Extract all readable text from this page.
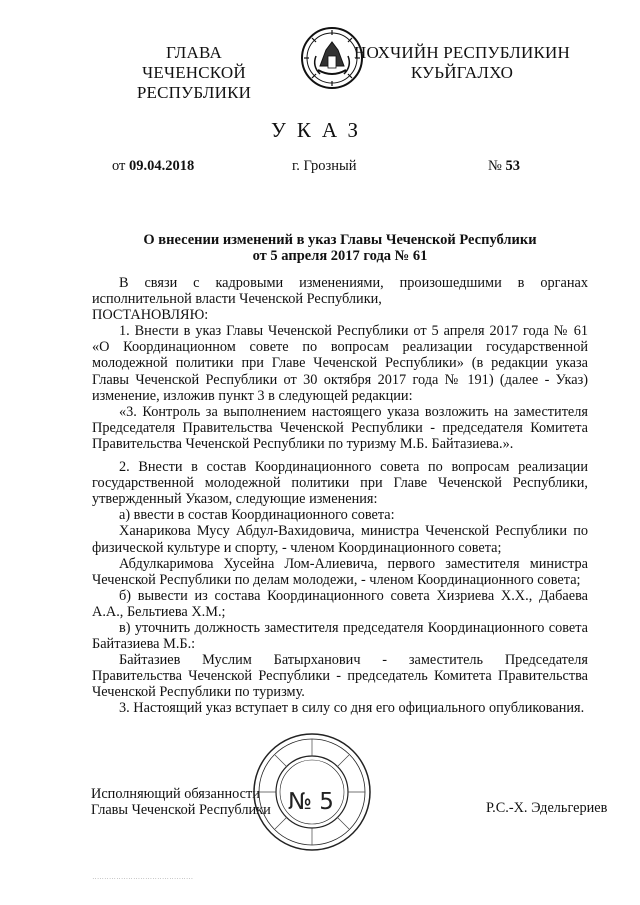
ГЛАВА
ЧЕЧЕНСКОЙ РЕСПУБЛИКИ
НОХЧИЙН РЕСПУБЛИКИН
КУЬЙГАЛХО
УКАЗ
от 09.04.2018	г. Грозный	№ 53
О внесении изменений в указ Главы Чеченской Республики
от 5 апреля 2017 года № 61

В связи с кадровыми изменениями, произошедшими в органах исполнительной власти Чеченской Республики,

ПОСТАНОВЛЯЮ:

1. Внести в указ Главы Чеченской Республики от 5 апреля 2017 года № 61 «О Координационном совете по вопросам реализации государственной молодежной политики при Главе Чеченской Республики» (в редакции указа Главы Чеченской Республики от 30 октября 2017 года № 191) (далее - Указ) изменение, изложив пункт 3 в следующей редакции:

«3. Контроль за выполнением настоящего указа возложить на заместителя Председателя Правительства Чеченской Республики - председателя Комитета Правительства Чеченской Республики по туризму М.Б. Байтазиева.».

2. Внести в состав Координационного совета по вопросам реализации государственной молодежной политики при Главе Чеченской Республики, утвержденный Указом, следующие изменения:

а) ввести в состав Координационного совета:

Ханарикова Мусу Абдул-Вахидовича, министра Чеченской Республики по физической культуре и спорту, - членом Координационного совета;

Абдулкаримова Хусейна Лом-Алиевича, первого заместителя министра Чеченской Республики по делам молодежи, - членом Координационного совета;

б) вывести из состава Координационного совета Хизриева Х.Х., Дабаева А.А., Бельтиева Х.М.;

в) уточнить должность заместителя председателя Координационного совета Байтазиева М.Б.:

Байтазиев Муслим Батырханович - заместитель Председателя Правительства Чеченской Республики - председатель Комитета Правительства Чеченской Республики по туризму.

3. Настоящий указ вступает в силу со дня его официального опубликования.

Исполняющий обязанности
Главы Чеченской Республики № 5	Р.С.-Х. Эдельгериев
··········································
